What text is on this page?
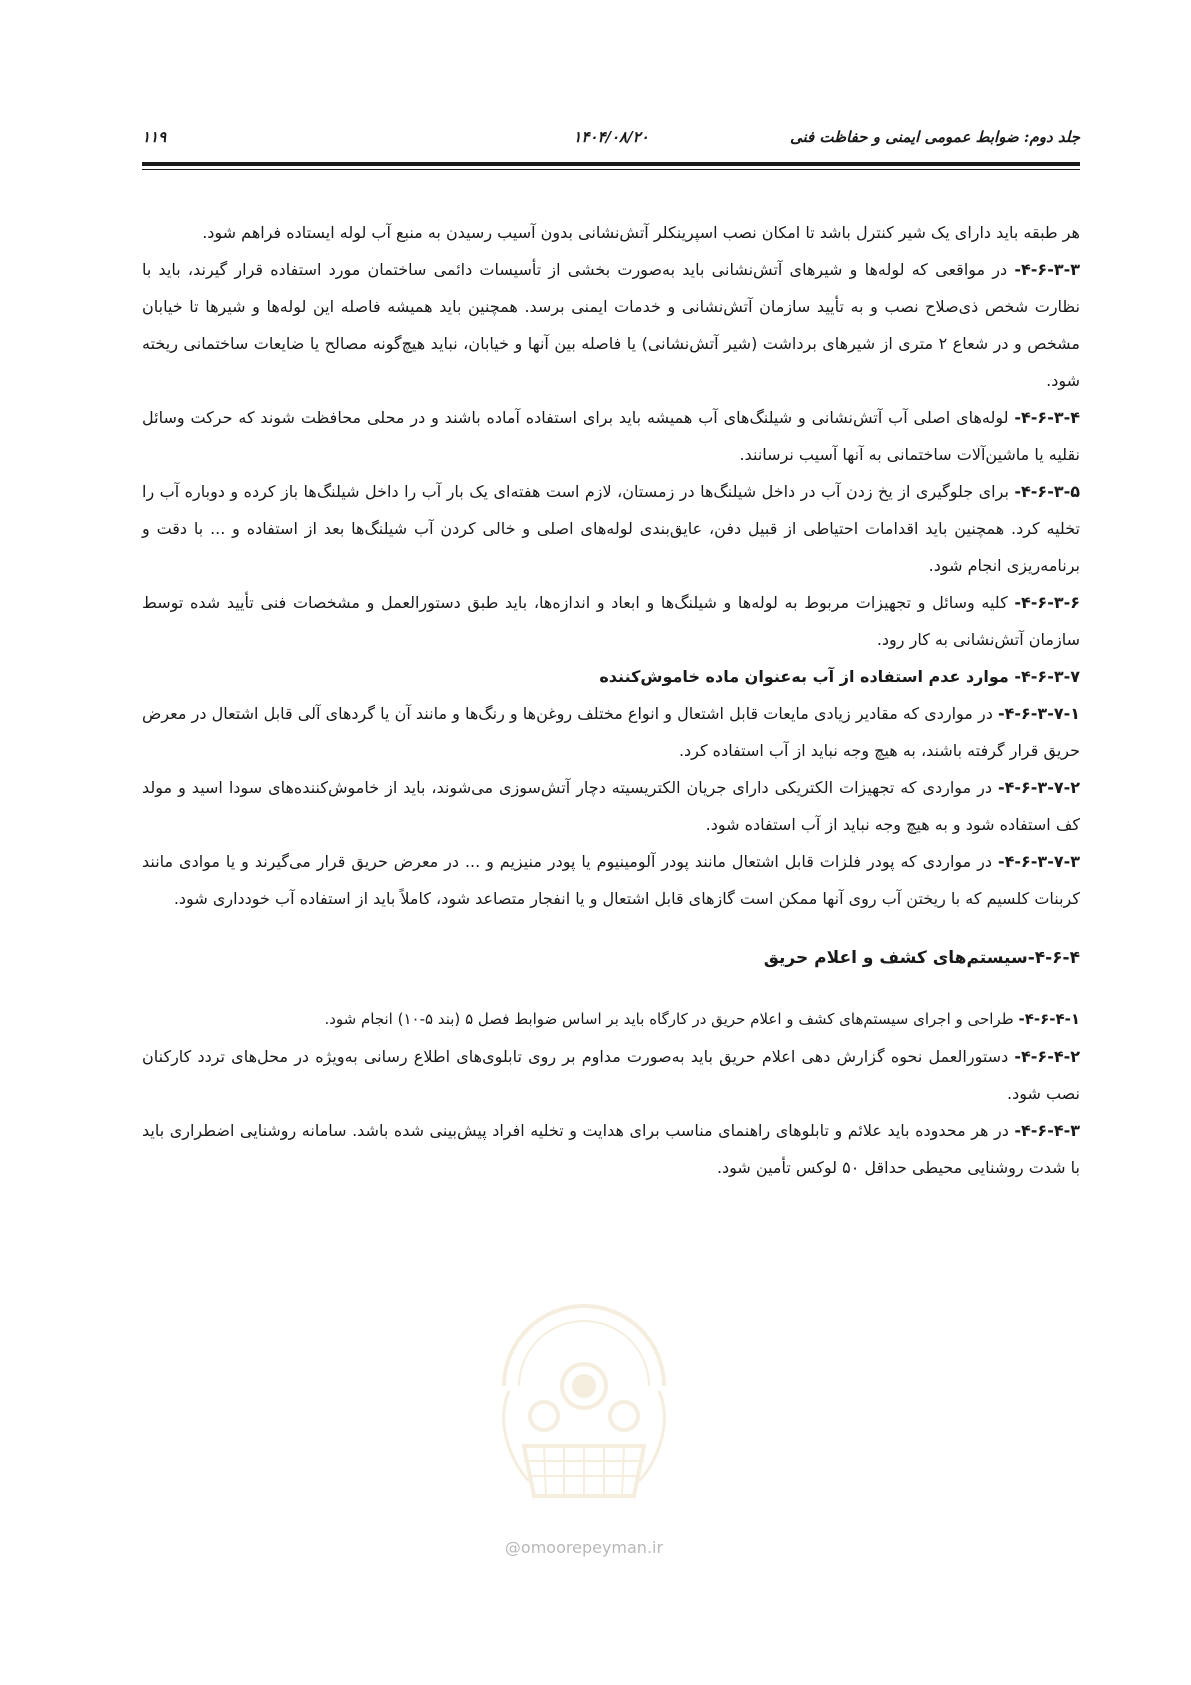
جلد دوم: ضوابط عمومی ایمنی و حفاظت فنی
۱۴۰۴/۰۸/۲۰
۱۱۹

هر طبقه باید دارای یک شیر کنترل باشد تا امکان نصب اسپرینکلر آتش‌نشانی بدون آسیب رسیدن به منبع آب لوله ایستاده فراهم شود.

۴-۶-۳-۳- در مواقعی که لوله‌ها و شیرهای آتش‌نشانی باید به‌صورت بخشی از تأسیسات دائمی ساختمان مورد استفاده قرار گیرند، باید با نظارت شخص ذی‌صلاح نصب و به تأیید سازمان آتش‌نشانی و خدمات ایمنی برسد. همچنین باید همیشه فاصله این لوله‌ها و شیرها تا خیابان مشخص و در شعاع ۲ متری از شیرهای برداشت (شیر آتش‌نشانی) یا فاصله بین آنها و خیابان، نباید هیچ‌گونه مصالح یا ضایعات ساختمانی ریخته شود.

۴-۶-۳-۴- لوله‌های اصلی آب آتش‌نشانی و شیلنگ‌های آب همیشه باید برای استفاده آماده باشند و در محلی محافظت شوند که حرکت وسائل نقلیه یا ماشین‌آلات ساختمانی به آنها آسیب نرسانند.

۴-۶-۳-۵- برای جلوگیری از یخ زدن آب در داخل شیلنگ‌ها در زمستان، لازم است هفته‌ای یک بار آب را داخل شیلنگ‌ها باز کرده و دوباره آب را تخلیه کرد. همچنین باید اقدامات احتیاطی از قبیل دفن، عایق‌بندی لوله‌های اصلی و خالی کردن آب شیلنگ‌ها بعد از استفاده و ... با دقت و برنامه‌ریزی انجام شود.

۴-۶-۳-۶- کلیه وسائل و تجهیزات مربوط به لوله‌ها و شیلنگ‌ها و ابعاد و اندازه‌ها، باید طبق دستورالعمل و مشخصات فنی تأیید شده توسط سازمان آتش‌نشانی به کار رود.

۴-۶-۳-۷- موارد عدم استفاده از آب به‌عنوان ماده خاموش‌کننده

۴-۶-۳-۷-۱- در مواردی که مقادیر زیادی مایعات قابل اشتعال و انواع مختلف روغن‌ها و رنگ‌ها و مانند آن یا گردهای آلی قابل اشتعال در معرض حریق قرار گرفته باشند، به هیچ وجه نباید از آب استفاده کرد.

۴-۶-۳-۷-۲- در مواردی که تجهیزات الکتریکی دارای جریان الکتریسیته دچار آتش‌سوزی می‌شوند، باید از خاموش‌کننده‌های سودا اسید و مولد کف استفاده شود و به هیچ وجه نباید از آب استفاده شود.

۴-۶-۳-۷-۳- در مواردی که پودر فلزات قابل اشتعال مانند پودر آلومینیوم یا پودر منیزیم و ... در معرض حریق قرار می‌گیرند و یا موادی مانند کربنات کلسیم که با ریختن آب روی آنها ممکن است گازهای قابل اشتعال و یا انفجار متصاعد شود، کاملاً باید از استفاده آب خودداری شود.

۴-۶-۴-سیستم‌های کشف و اعلام حریق

۴-۶-۴-۱- طراحی و اجرای سیستم‌های کشف و اعلام حریق در کارگاه باید بر اساس ضوابط فصل ۵ (بند ۵-۱۰) انجام شود.

۴-۶-۴-۲- دستورالعمل نحوه گزارش دهی اعلام حریق باید به‌صورت مداوم بر روی تابلوی‌های اطلاع رسانی به‌ویژه در محل‌های تردد کارکنان نصب شود.

۴-۶-۴-۳- در هر محدوده باید علائم و تابلوهای راهنمای مناسب برای هدایت و تخلیه افراد پیش‌بینی شده باشد. سامانه روشنایی اضطراری باید با شدت روشنایی محیطی حداقل ۵۰ لوکس تأمین شود.

@omoorepeyman.ir
